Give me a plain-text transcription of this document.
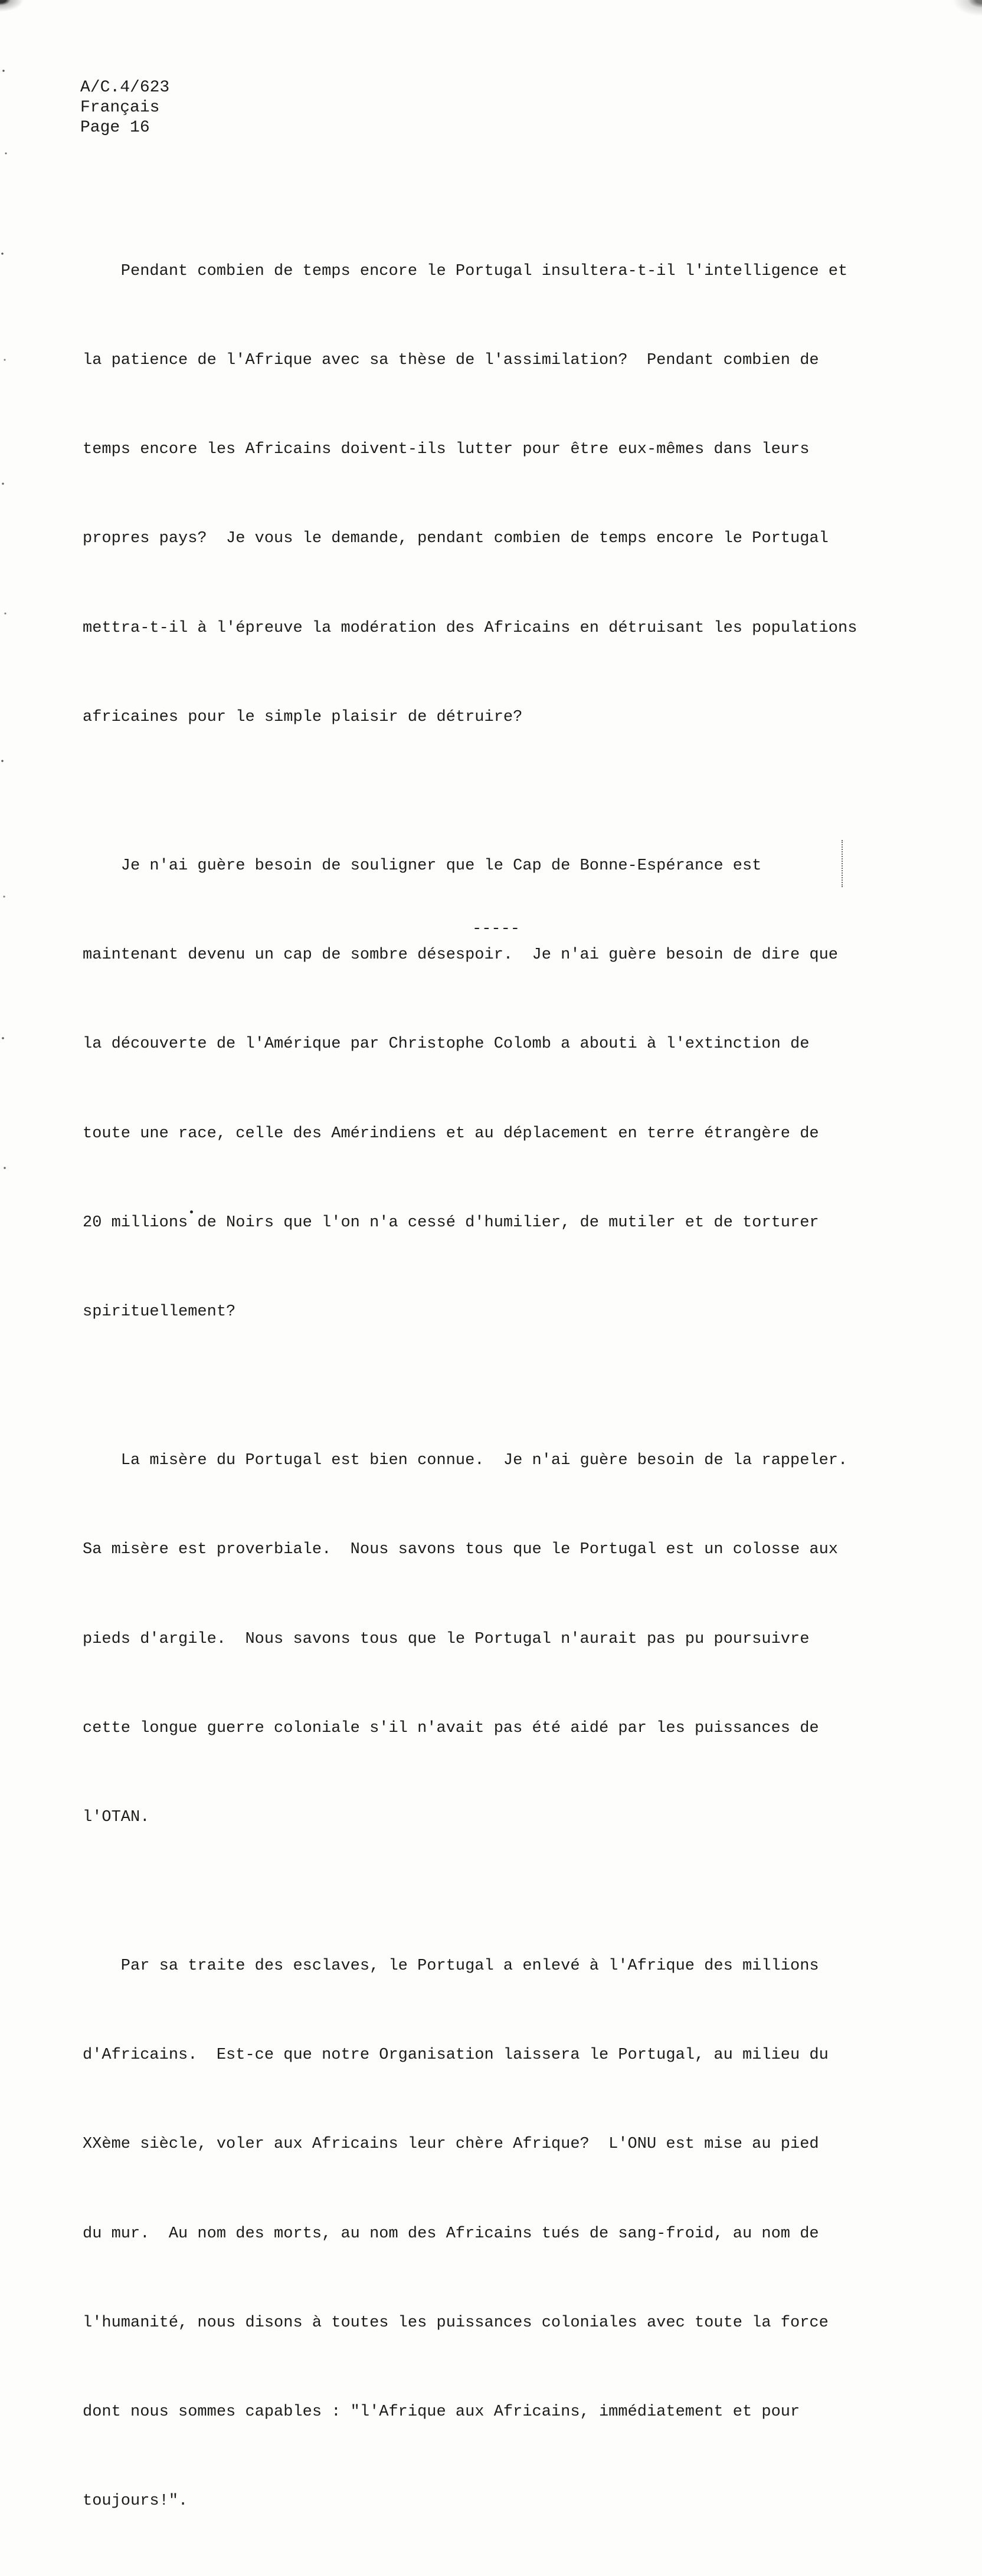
A/C.4/623
Français
Page 16

Pendant combien de temps encore le Portugal insultera-t-il l'intelligence et

la patience de l'Afrique avec sa thèse de l'assimilation?  Pendant combien de

temps encore les Africains doivent-ils lutter pour être eux-mêmes dans leurs

propres pays?  Je vous le demande, pendant combien de temps encore le Portugal

mettra-t-il à l'épreuve la modération des Africains en détruisant les populations

africaines pour le simple plaisir de détruire?

Je n'ai guère besoin de souligner que le Cap de Bonne-Espérance est

maintenant devenu un cap de sombre désespoir.  Je n'ai guère besoin de dire que

la découverte de l'Amérique par Christophe Colomb a abouti à l'extinction de

toute une race, celle des Amérindiens et au déplacement en terre étrangère de

20 millions de Noirs que l'on n'a cessé d'humilier, de mutiler et de torturer

spirituellement?

La misère du Portugal est bien connue.  Je n'ai guère besoin de la rappeler.

Sa misère est proverbiale.  Nous savons tous que le Portugal est un colosse aux

pieds d'argile.  Nous savons tous que le Portugal n'aurait pas pu poursuivre

cette longue guerre coloniale s'il n'avait pas été aidé par les puissances de

l'OTAN.

Par sa traite des esclaves, le Portugal a enlevé à l'Afrique des millions

d'Africains.  Est-ce que notre Organisation laissera le Portugal, au milieu du

XXème siècle, voler aux Africains leur chère Afrique?  L'ONU est mise au pied

du mur.  Au nom des morts, au nom des Africains tués de sang-froid, au nom de

l'humanité, nous disons à toutes les puissances coloniales avec toute la force

dont nous sommes capables : "l'Afrique aux Africains, immédiatement et pour

toujours!".

-----
